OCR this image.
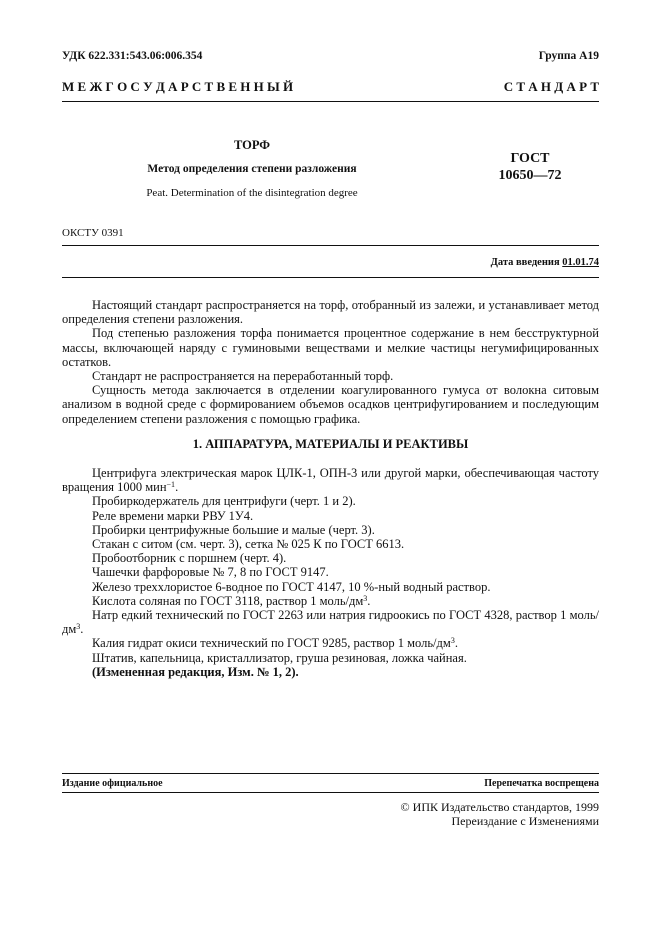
УДК 622.331:543.06:006.354	Группа А19
М Е Ж Г О С У Д А Р С Т В Е Н Н Ы Й	С Т А Н Д А Р Т
ТОРФ
Метод определения степени разложения
Peat. Determination of the disintegration degree
ГОСТ
10650—72
ОКСТУ 0391
Дата введения 01.01.74

Настоящий стандарт распространяется на торф, отобранный из залежи, и устанавливает метод определения степени разложения.

Под степенью разложения торфа понимается процентное содержание в нем бесструктурной массы, включающей наряду с гуминовыми веществами и мелкие частицы негумифицированных остатков.

Стандарт не распространяется на переработанный торф.

Сущность метода заключается в отделении коагулированного гумуса от волокна ситовым анализом в водной среде с формированием объемов осадков центрифугированием и последующим определением степени разложения с помощью графика.

1. АППАРАТУРА, МАТЕРИАЛЫ И РЕАКТИВЫ

Центрифуга электрическая марок ЦЛК-1, ОПН-3 или другой марки, обеспечивающая частоту вращения 1000 мин$^{-1}$.

Пробиркодержатель для центрифуги (черт. 1 и 2).

Реле времени марки РВУ 1У4.

Пробирки центрифужные большие и малые (черт. 3).

Стакан с ситом (см. черт. 3), сетка № 025 К по ГОСТ 6613.

Пробоотборник с поршнем (черт. 4).

Чашечки фарфоровые № 7, 8 по ГОСТ 9147.

Железо треххлористое 6-водное по ГОСТ 4147, 10 %-ный водный раствор.

Кислота соляная по ГОСТ 3118, раствор 1 моль/$дм^3$.

Натр едкий технический по ГОСТ 2263 или натрия гидроокись по ГОСТ 4328, раствор 1 моль/$дм^3$.

Калия гидрат окиси технический по ГОСТ 9285, раствор 1 моль/$дм^3$.

Штатив, капельница, кристаллизатор, груша резиновая, ложка чайная.

(Измененная редакция, Изм. № 1, 2).

Издание официальное	Перепечатка воспрещена
© ИПК Издательство стандартов, 1999
Переиздание с Изменениями
